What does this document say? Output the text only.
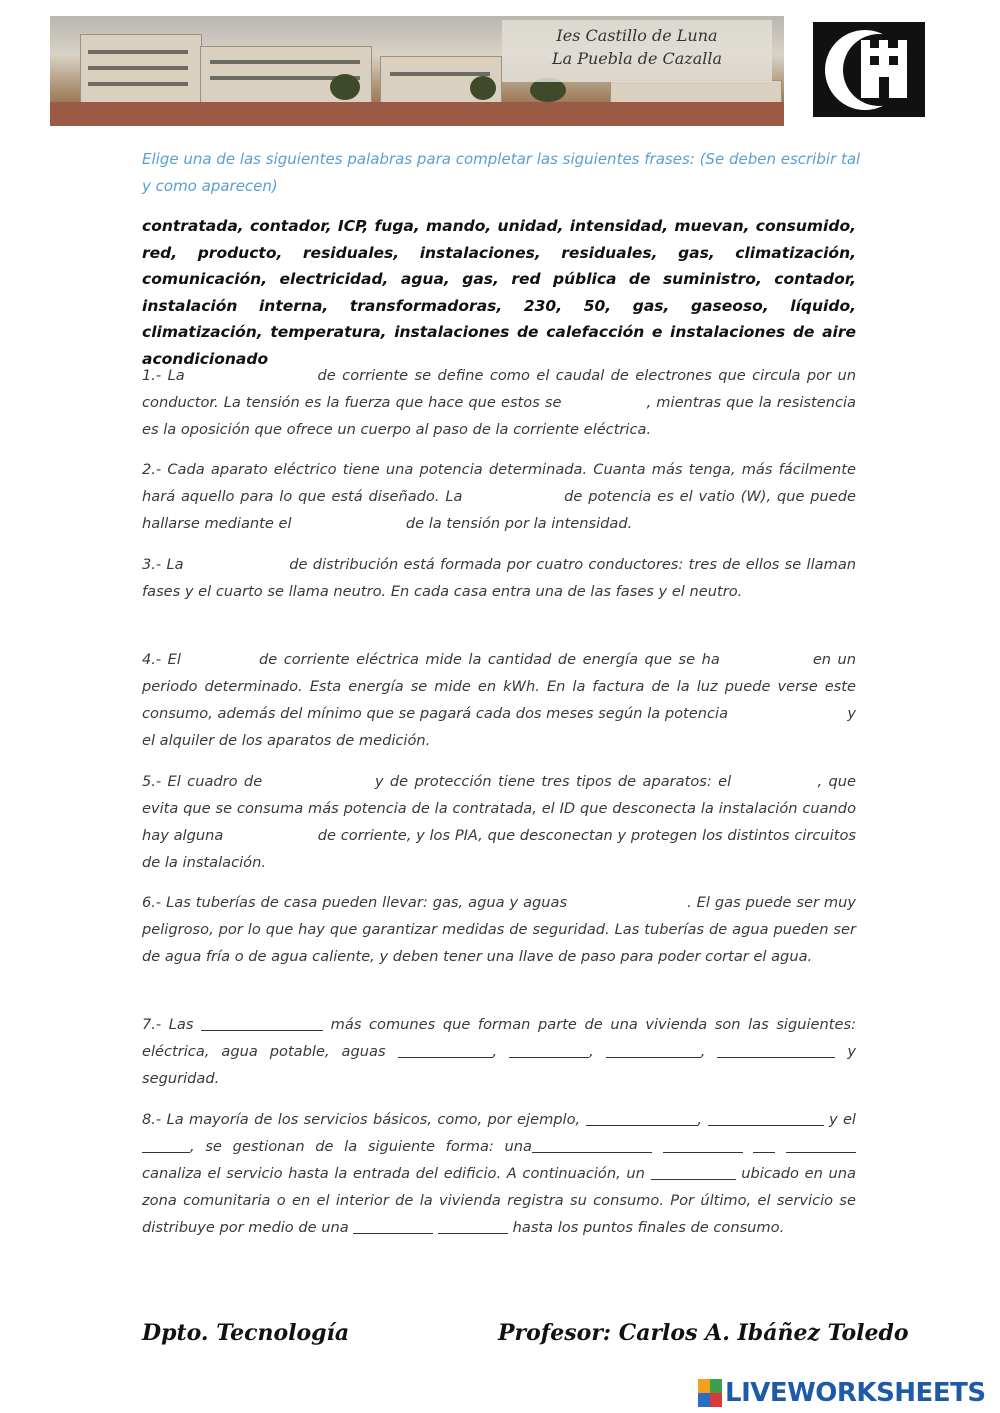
Ies Castillo de Luna
La Puebla de Cazalla
Elige una de las siguientes palabras para completar las siguientes frases: (Se deben escribir tal y como aparecen)
contratada, contador, ICP, fuga, mando, unidad, intensidad, muevan, consumido, red, producto, residuales, instalaciones, residuales, gas, climatización, comunicación, electricidad, agua, gas, red pública de suministro, contador, instalación interna, transformadoras, 230, 50, gas, gaseoso, líquido, climatización, temperatura, instalaciones de calefacción e instalaciones de aire acondicionado
1.- La	de corriente se define como el caudal de electrones que circula por un conductor. La tensión es la fuerza que hace que estos se	, mientras que la resistencia es la oposición que ofrece un cuerpo al paso de la corriente eléctrica.
2.- Cada aparato eléctrico tiene una potencia determinada. Cuanta más tenga, más fácilmente hará aquello para lo que está diseñado. La	de potencia es el vatio (W), que puede hallarse mediante el	de la tensión por la intensidad.
3.- La	de distribución está formada por cuatro conductores: tres de ellos se llaman fases y el cuarto se llama neutro. En cada casa entra una de las fases y el neutro.
4.- El	de corriente eléctrica mide la cantidad de energía que se ha	en un periodo determinado. Esta energía se mide en kWh. En la factura de la luz puede verse este consumo, además del mínimo que se pagará cada dos meses según la potencia	y el alquiler de los aparatos de medición.
5.- El cuadro de	y de protección tiene tres tipos de aparatos: el	, que evita que se consuma más potencia de la contratada, el ID que desconecta la instalación cuando hay alguna	de corriente, y los PIA, que desconectan y protegen los distintos circuitos de la instalación.
6.- Las tuberías de casa pueden llevar: gas, agua y aguas	. El gas puede ser muy peligroso, por lo que hay que garantizar medidas de seguridad. Las tuberías de agua pueden ser de agua fría o de agua caliente, y deben tener una llave de paso para poder cortar el agua.
7.- Las	más comunes que forman parte de una vivienda son las siguientes: eléctrica, agua potable, aguas	,	,	,	y seguridad.
8.- La mayoría de los servicios básicos, como, por ejemplo,	,	y el , se gestionan de la siguiente forma: una    canaliza el servicio hasta la entrada del edificio. A continuación, un	ubicado en una zona comunitaria o en el interior de la vivienda registra su consumo. Por último, el servicio se distribuye por medio de una	hasta los puntos finales de consumo.
Dpto. Tecnología	Profesor: Carlos A. Ibáñez Toledo
LIVEWORKSHEETS
